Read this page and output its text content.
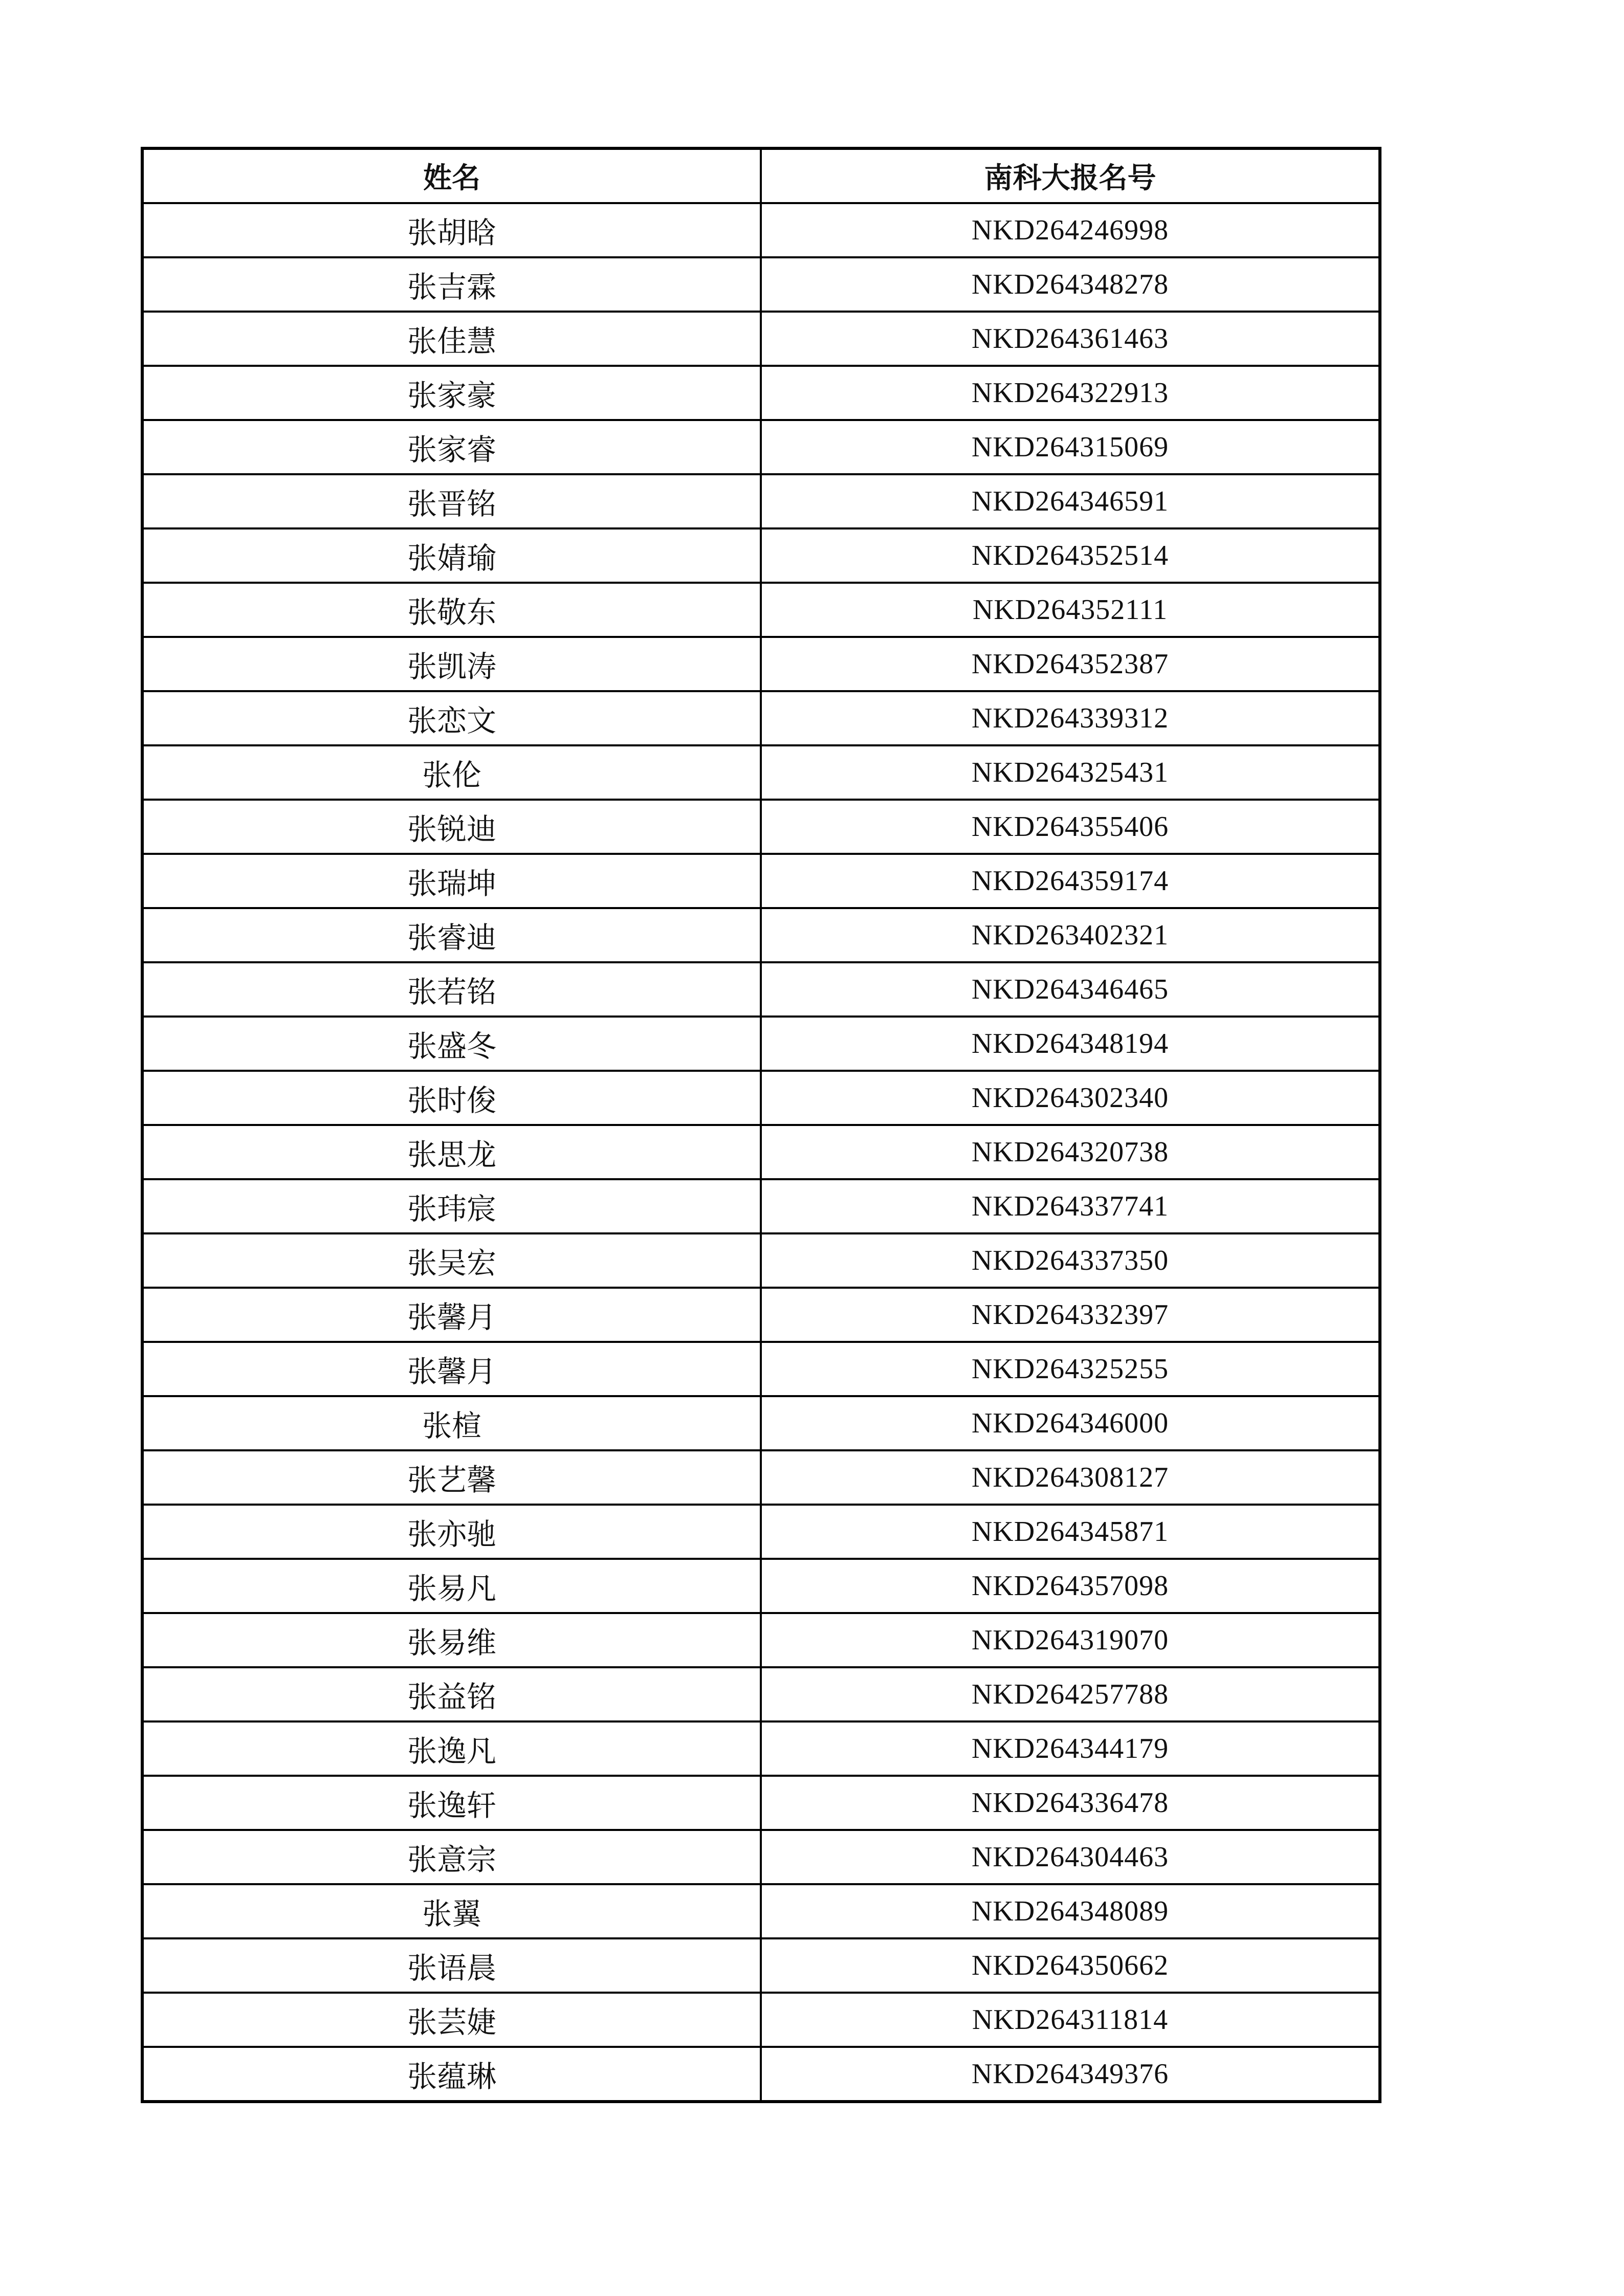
姓名	南科大报名号
张胡晗	NKD264246998
张吉霖	NKD264348278
张佳慧	NKD264361463
张家豪	NKD264322913
张家睿	NKD264315069
张晋铭	NKD264346591
张婧瑜	NKD264352514
张敬东	NKD264352111
张凯涛	NKD264352387
张恋文	NKD264339312
张伦	NKD264325431
张锐迪	NKD264355406
张瑞坤	NKD264359174
张睿迪	NKD263402321
张若铭	NKD264346465
张盛冬	NKD264348194
张时俊	NKD264302340
张思龙	NKD264320738
张玮宸	NKD264337741
张吴宏	NKD264337350
张馨月	NKD264332397
张馨月	NKD264325255
张楦	NKD264346000
张艺馨	NKD264308127
张亦驰	NKD264345871
张易凡	NKD264357098
张易维	NKD264319070
张益铭	NKD264257788
张逸凡	NKD264344179
张逸轩	NKD264336478
张意宗	NKD264304463
张翼	NKD264348089
张语晨	NKD264350662
张芸婕	NKD264311814
张蕴琳	NKD264349376
